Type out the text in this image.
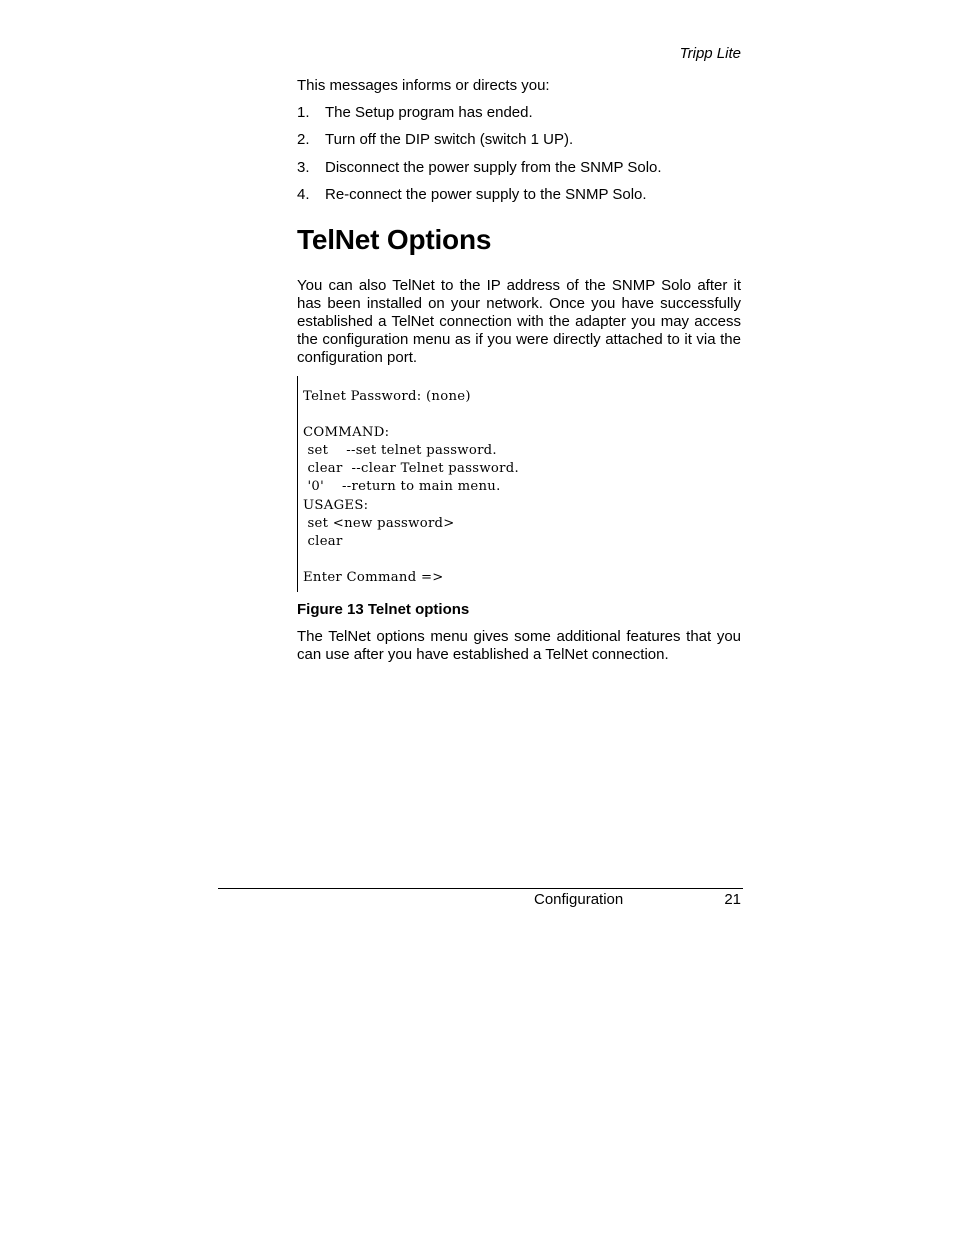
Tripp Lite
This messages informs or directs you:
1. The Setup program has ended.
2. Turn off the DIP switch (switch 1 UP).
3. Disconnect the power supply from the SNMP Solo.
4. Re-connect the power supply to the SNMP Solo.
TelNet Options

You can also TelNet to the IP address of the SNMP Solo after it has been installed on your network. Once you have successfully established a TelNet connection with the adapter you may access the configuration menu as if you were directly attached to it via the configuration port.

Telnet Password: (none)

COMMAND:
set    --set telnet password.
clear  --clear Telnet password.
'0'    --return to main menu.
USAGES:
set <new password>
clear

Enter Command =>

Figure 13 Telnet options

The TelNet options menu gives some additional features that you can use after you have established a TelNet connection.

Configuration	21
